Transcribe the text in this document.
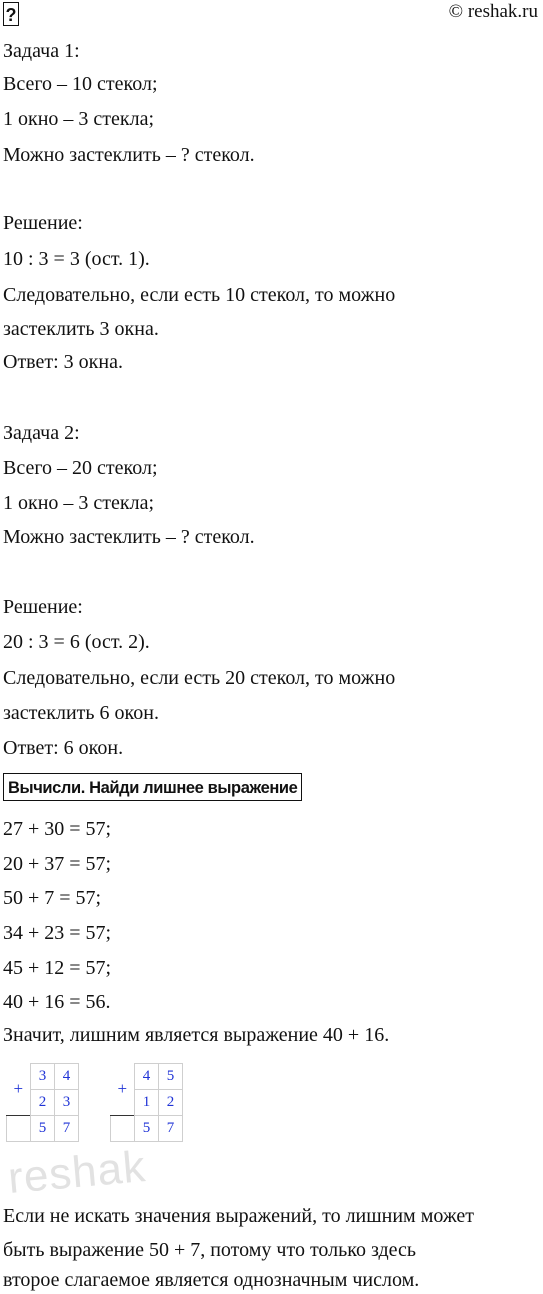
?	© reshak.ru
Задача 1:
Всего – 10 стекол;
1 окно – 3 стекла;
Можно застеклить – ? стекол.
Решение:
10 : 3 = 3 (ост. 1).
Следовательно, если есть 10 стекол, то можно
застеклить 3 окна.
Ответ: 3 окна.
Задача 2:
Всего – 20 стекол;
1 окно – 3 стекла;
Можно застеклить – ? стекол.
Решение:
20 : 3 = 6 (ост. 2).
Следовательно, если есть 20 стекол, то можно
застеклить 6 окон.
Ответ: 6 окон.
Вычисли. Найди лишнее выражение
27 + 30 = 57;
20 + 37 = 57;
50 + 7 = 57;
34 + 23 = 57;
45 + 12 = 57;
40 + 16 = 56.
Значит, лишним является выражение 40 + 16.
+	3	4
	2	3
	5	7
+	4	5
	1	2
	5	7
reshak
Если не искать значения выражений, то лишним может
быть выражение 50 + 7, потому что только здесь
второе слагаемое является однозначным числом.
